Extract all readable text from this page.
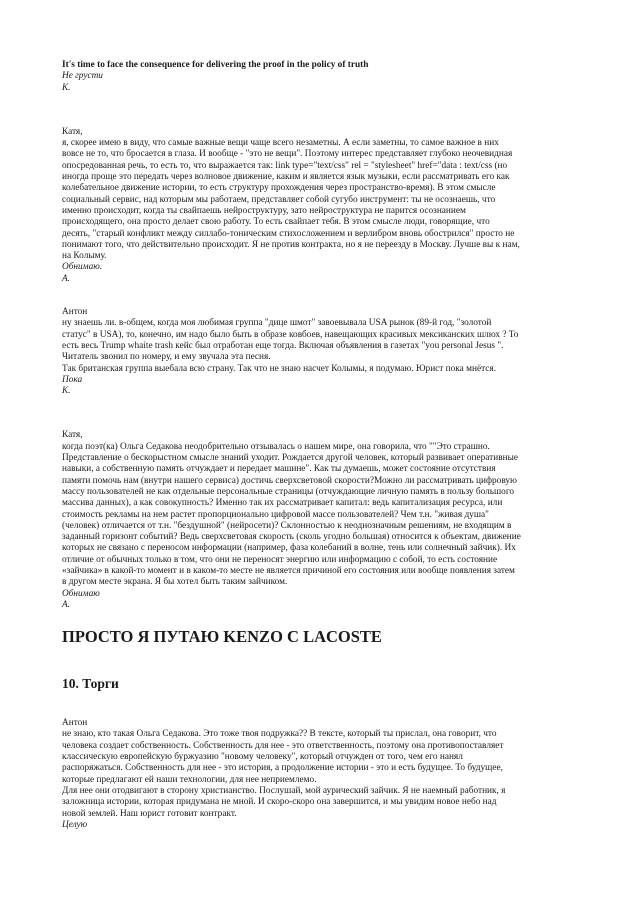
It's time to face the consequence for delivering the proof in the policy of truth

Не грусти

К.

Катя,

я, скорее имею в виду, что самые важные вещи чаще всего незаметны. А если заметны, то самое важное в них

вовсе не то, что бросается в глаза. И вообще - "это не вещи". Поэтому интерес представляет глубоко неочевидная

опосредованная речь, то есть то, что выражается так: link type="text/css" rel = "stylesheet" href="data : text/css (но

иногда проще это передать через волновое движение, каким и является язык музыки, если рассматривать его как

колебательное движение истории, то есть структуру прохождения через пространство-время). В этом смысле

социальный сервис, над которым мы работаем, представляет собой сугубо инструмент: ты не осознаешь, что

именно происходит, когда ты свайпаешь нейроструктуру, зато нейроструктура не парится осознанием

происходящего, она просто делает свою работу. То есть свайпает тебя. В этом смысле люди, говорящие, что

десять, "старый конфликт между силлабо-тоническим стихосложением и верлибром вновь обострился" просто не

понимают того, что действительно происходит. Я не против контракта, но я не переезду в Москву. Лучше вы к нам,

на Колыму.

Обнимаю.

А.

Антон

ну знаешь ли. в-общем, когда моя любимая группа "дице шмот" завоевывала USA рынок (89-й год, "золотой

статус" в USA), то, конечно, им надо было быть в образе ковбоев, навещающих красивых мексиканских шлюх ? То

есть весь Trump whaite trash кейс был отработан еще тогда. Включая объявления в газетах "you personal Jesus ".

Читатель звонил по номеру, и ему звучала эта песня.

Так британская группа выебала всю страну. Так что не знаю насчет Колымы, я подумаю. Юрист пока мнётся.

Пока

К.

Катя,

когда поэт(ка) Ольга Седакова неодобрительно отзывалась о нашем мире, она говорила, что ""Это страшно.

Представление о бескорыстном смысле знаний уходит. Рождается другой человек, который развивает оперативные

навыки, а собственную память отчуждает и передает машине". Как ты думаешь, может состояние отсутствия

памяти помочь нам (внутри нашего сервиса) достичь сверхсветовой скорости?Можно ли рассматривать цифровую

массу пользователей не как отдельные персональные страницы (отчуждающие личную память в пользу большого

массива данных), а как совокупность? Именно так их рассматривает капитал: ведь капитализация ресурса, или

стоимость рекламы на нем растет пропорционально цифровой массе пользователей? Чем т.н. "живая душа"

(человек) отличается от т.н. "бездушной" (нейросети)? Склонностью к неоднозначным решениям, не входящим в

заданный горизонт событий? Ведь сверхсветовая скорость (сколь угодно большая) относится к объектам, движение

которых не связано с переносом информации (например, фаза колебаний в волне, тень или солнечный зайчик). Их

отличие от обычных только в том, что они не переносят энергию или информацию с собой, то есть состояние

«зайчика» в какой-то момент и в каком-то месте не является причиной его состояния или вообще появления затем

в другом месте экрана. Я бы хотел быть таким зайчиком.

Обнимаю

А.

ПРОСТО Я ПУТАЮ KENZO С LACOSTE
10. Торги

Антон

не знаю, кто такая Ольга Седакова. Это тоже твоя подружка?? В тексте, который ты прислал, она говорит, что

человека создает собственность. Собственность для нее - это ответственность, поэтому она противопоставляет

классическую европейскую буржуазию "новому человеку", который отчужден от того, чем его нанял

распоряжаться. Собственность для нее - это история, а продолжение истории - это и есть будущее. То будущее,

которые предлагают ей наши технологии, для нее неприемлемо.

Для нее они отодвигают в сторону христианство. Послушай, мой аурический зайчик. Я не наемный работник, я

заложница истории, которая придумана не мной. И скоро-скоро она завершится, и мы увидим новое небо над

новой землей. Наш юрист готовит контракт.

Целую
